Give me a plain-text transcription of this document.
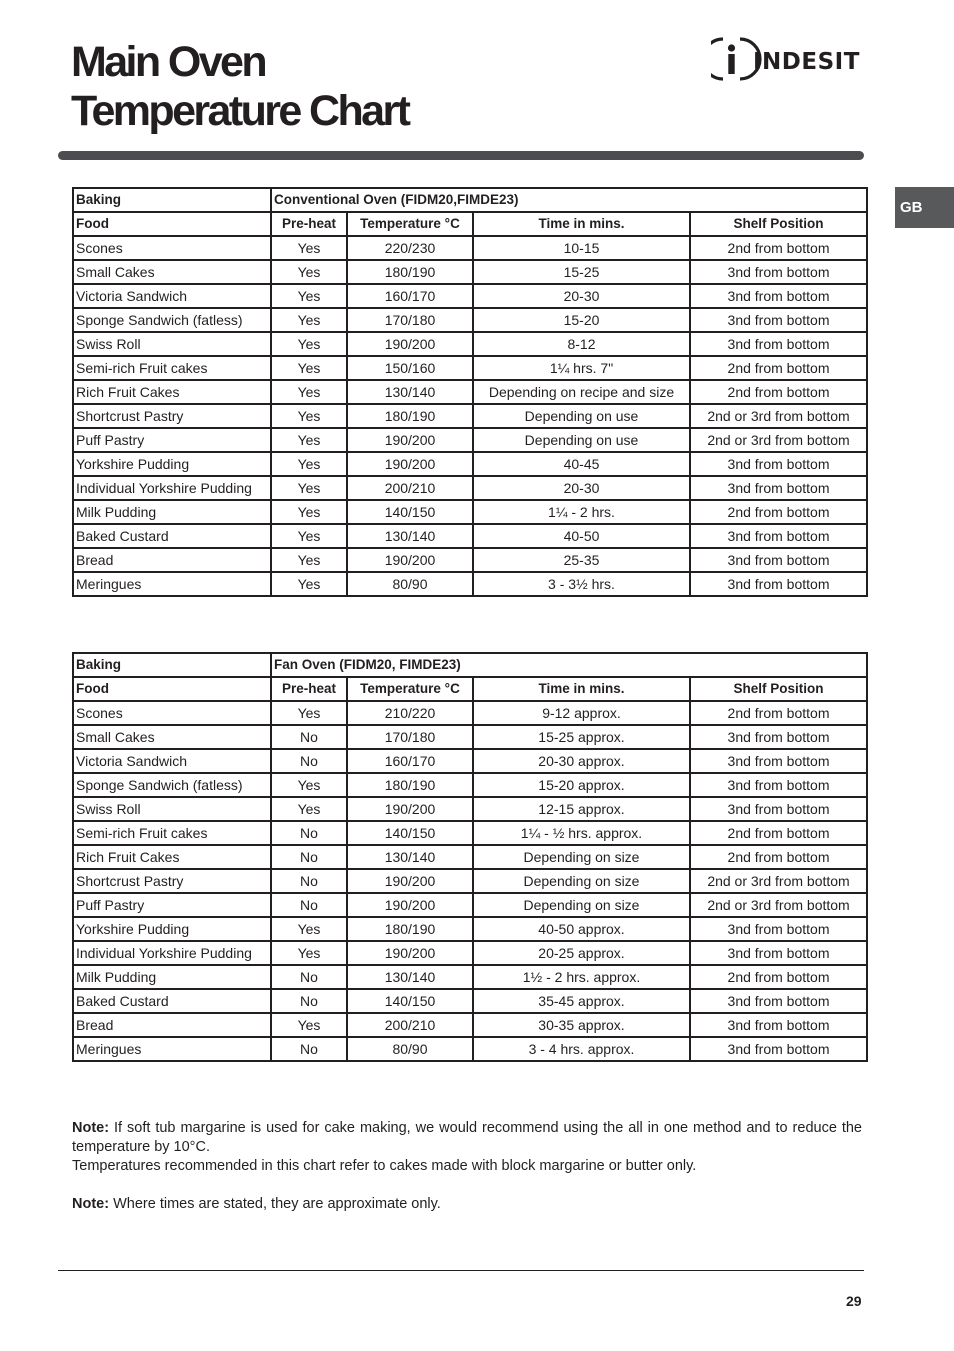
Main Oven
Temperature Chart
INDESIT
GB
Baking	Conventional Oven (FIDM20,FIMDE23)			
Food	Pre-heat	Temperature °C	Time in mins.	Shelf Position
Scones	Yes	220/230	10-15	2nd from bottom
Small Cakes	Yes	180/190	15-25	3nd from bottom
Victoria Sandwich	Yes	160/170	20-30	3nd from bottom
Sponge Sandwich (fatless)	Yes	170/180	15-20	3nd from bottom
Swiss Roll	Yes	190/200	8-12	3nd from bottom
Semi-rich Fruit cakes	Yes	150/160	1¼ hrs. 7"	2nd from bottom
Rich Fruit Cakes	Yes	130/140	Depending on recipe and size	2nd from bottom
Shortcrust Pastry	Yes	180/190	Depending on use	2nd or 3rd from bottom
Puff Pastry	Yes	190/200	Depending on use	2nd or 3rd from bottom
Yorkshire Pudding	Yes	190/200	40-45	3nd from bottom
Individual Yorkshire Pudding	Yes	200/210	20-30	3nd from bottom
Milk Pudding	Yes	140/150	1¼ - 2 hrs.	2nd from bottom
Baked Custard	Yes	130/140	40-50	3nd from bottom
Bread	Yes	190/200	25-35	3nd from bottom
Meringues	Yes	80/90	3 - 3½ hrs.	3nd from bottom
Baking	Fan Oven (FIDM20, FIMDE23)			
Food	Pre-heat	Temperature °C	Time in mins.	Shelf Position
Scones	Yes	210/220	9-12 approx.	2nd from bottom
Small Cakes	No	170/180	15-25 approx.	3nd from bottom
Victoria Sandwich	No	160/170	20-30 approx.	3nd from bottom
Sponge Sandwich (fatless)	Yes	180/190	15-20 approx.	3nd from bottom
Swiss Roll	Yes	190/200	12-15 approx.	3nd from bottom
Semi-rich Fruit cakes	No	140/150	1¼ - ½ hrs. approx.	2nd from bottom
Rich Fruit Cakes	No	130/140	Depending on size	2nd from bottom
Shortcrust Pastry	No	190/200	Depending on size	2nd or 3rd from bottom
Puff Pastry	No	190/200	Depending on size	2nd or 3rd from bottom
Yorkshire Pudding	Yes	180/190	40-50 approx.	3nd from bottom
Individual Yorkshire Pudding	Yes	190/200	20-25 approx.	3nd from bottom
Milk Pudding	No	130/140	1½ - 2 hrs. approx.	2nd from bottom
Baked Custard	No	140/150	35-45 approx.	3nd from bottom
Bread	Yes	200/210	30-35 approx.	3nd from bottom
Meringues	No	80/90	3 - 4 hrs. approx.	3nd from bottom

Note: If soft tub margarine is used for cake making, we would recommend using the all in one method and to reduce the temperature by 10°C.

Temperatures recommended in this chart refer to cakes made with block margarine or butter only.

Note: Where times are stated, they are approximate only.

29
